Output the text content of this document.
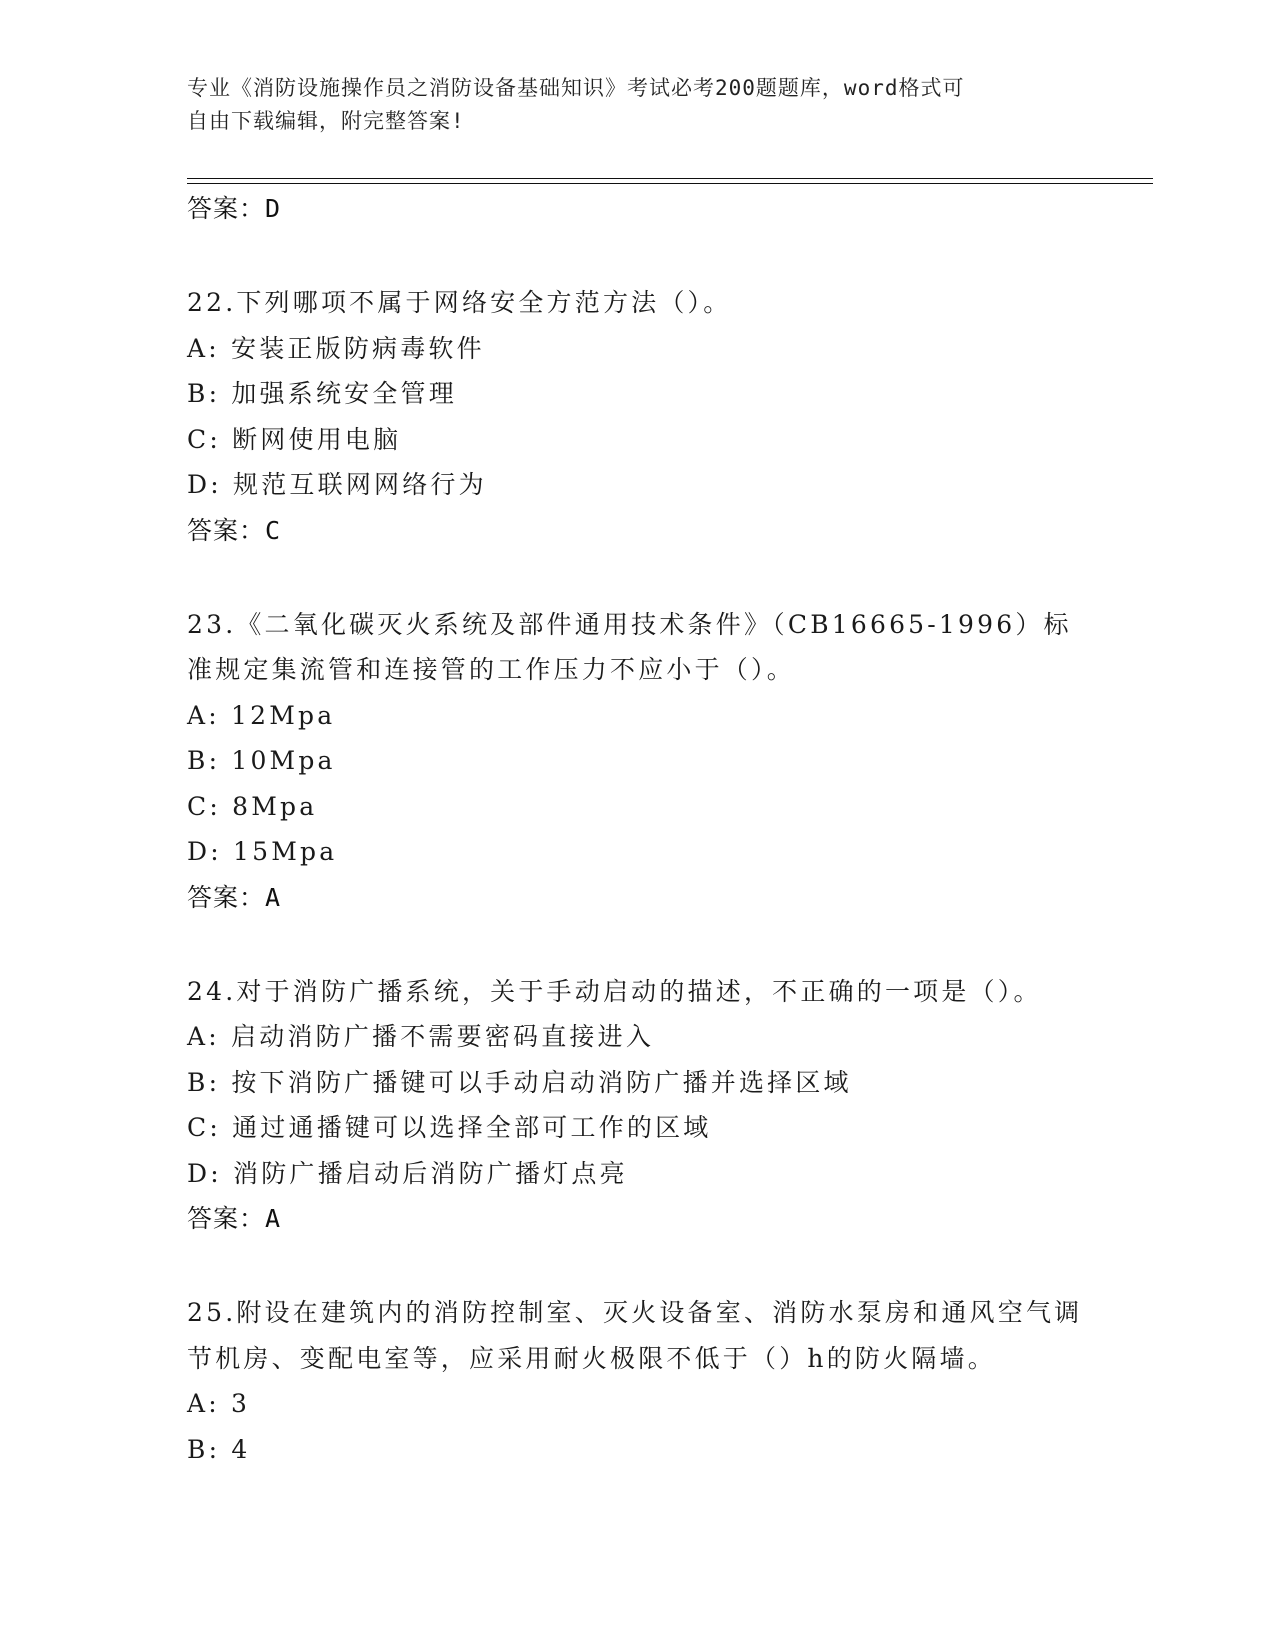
专业《消防设施操作员之消防设备基础知识》考试必考200题题库，word格式可
自由下载编辑，附完整答案!
答案：D
22.下列哪项不属于网络安全方范方法（）。
A: 安装正版防病毒软件
B: 加强系统安全管理
C: 断网使用电脑
D: 规范互联网网络行为
答案：C
23.《二氧化碳灭火系统及部件通用技术条件》（CB16665-1996）标准规定集流管和连接管的工作压力不应小于（）。
A: 12Mpa
B: 10Mpa
C: 8Mpa
D: 15Mpa
答案：A
24.对于消防广播系统，关于手动启动的描述，不正确的一项是（）。
A: 启动消防广播不需要密码直接进入
B: 按下消防广播键可以手动启动消防广播并选择区域
C: 通过通播键可以选择全部可工作的区域
D: 消防广播启动后消防广播灯点亮
答案：A
25.附设在建筑内的消防控制室、灭火设备室、消防水泵房和通风空气调节机房、变配电室等，应采用耐火极限不低于（）h的防火隔墙。
A: 3
B: 4
